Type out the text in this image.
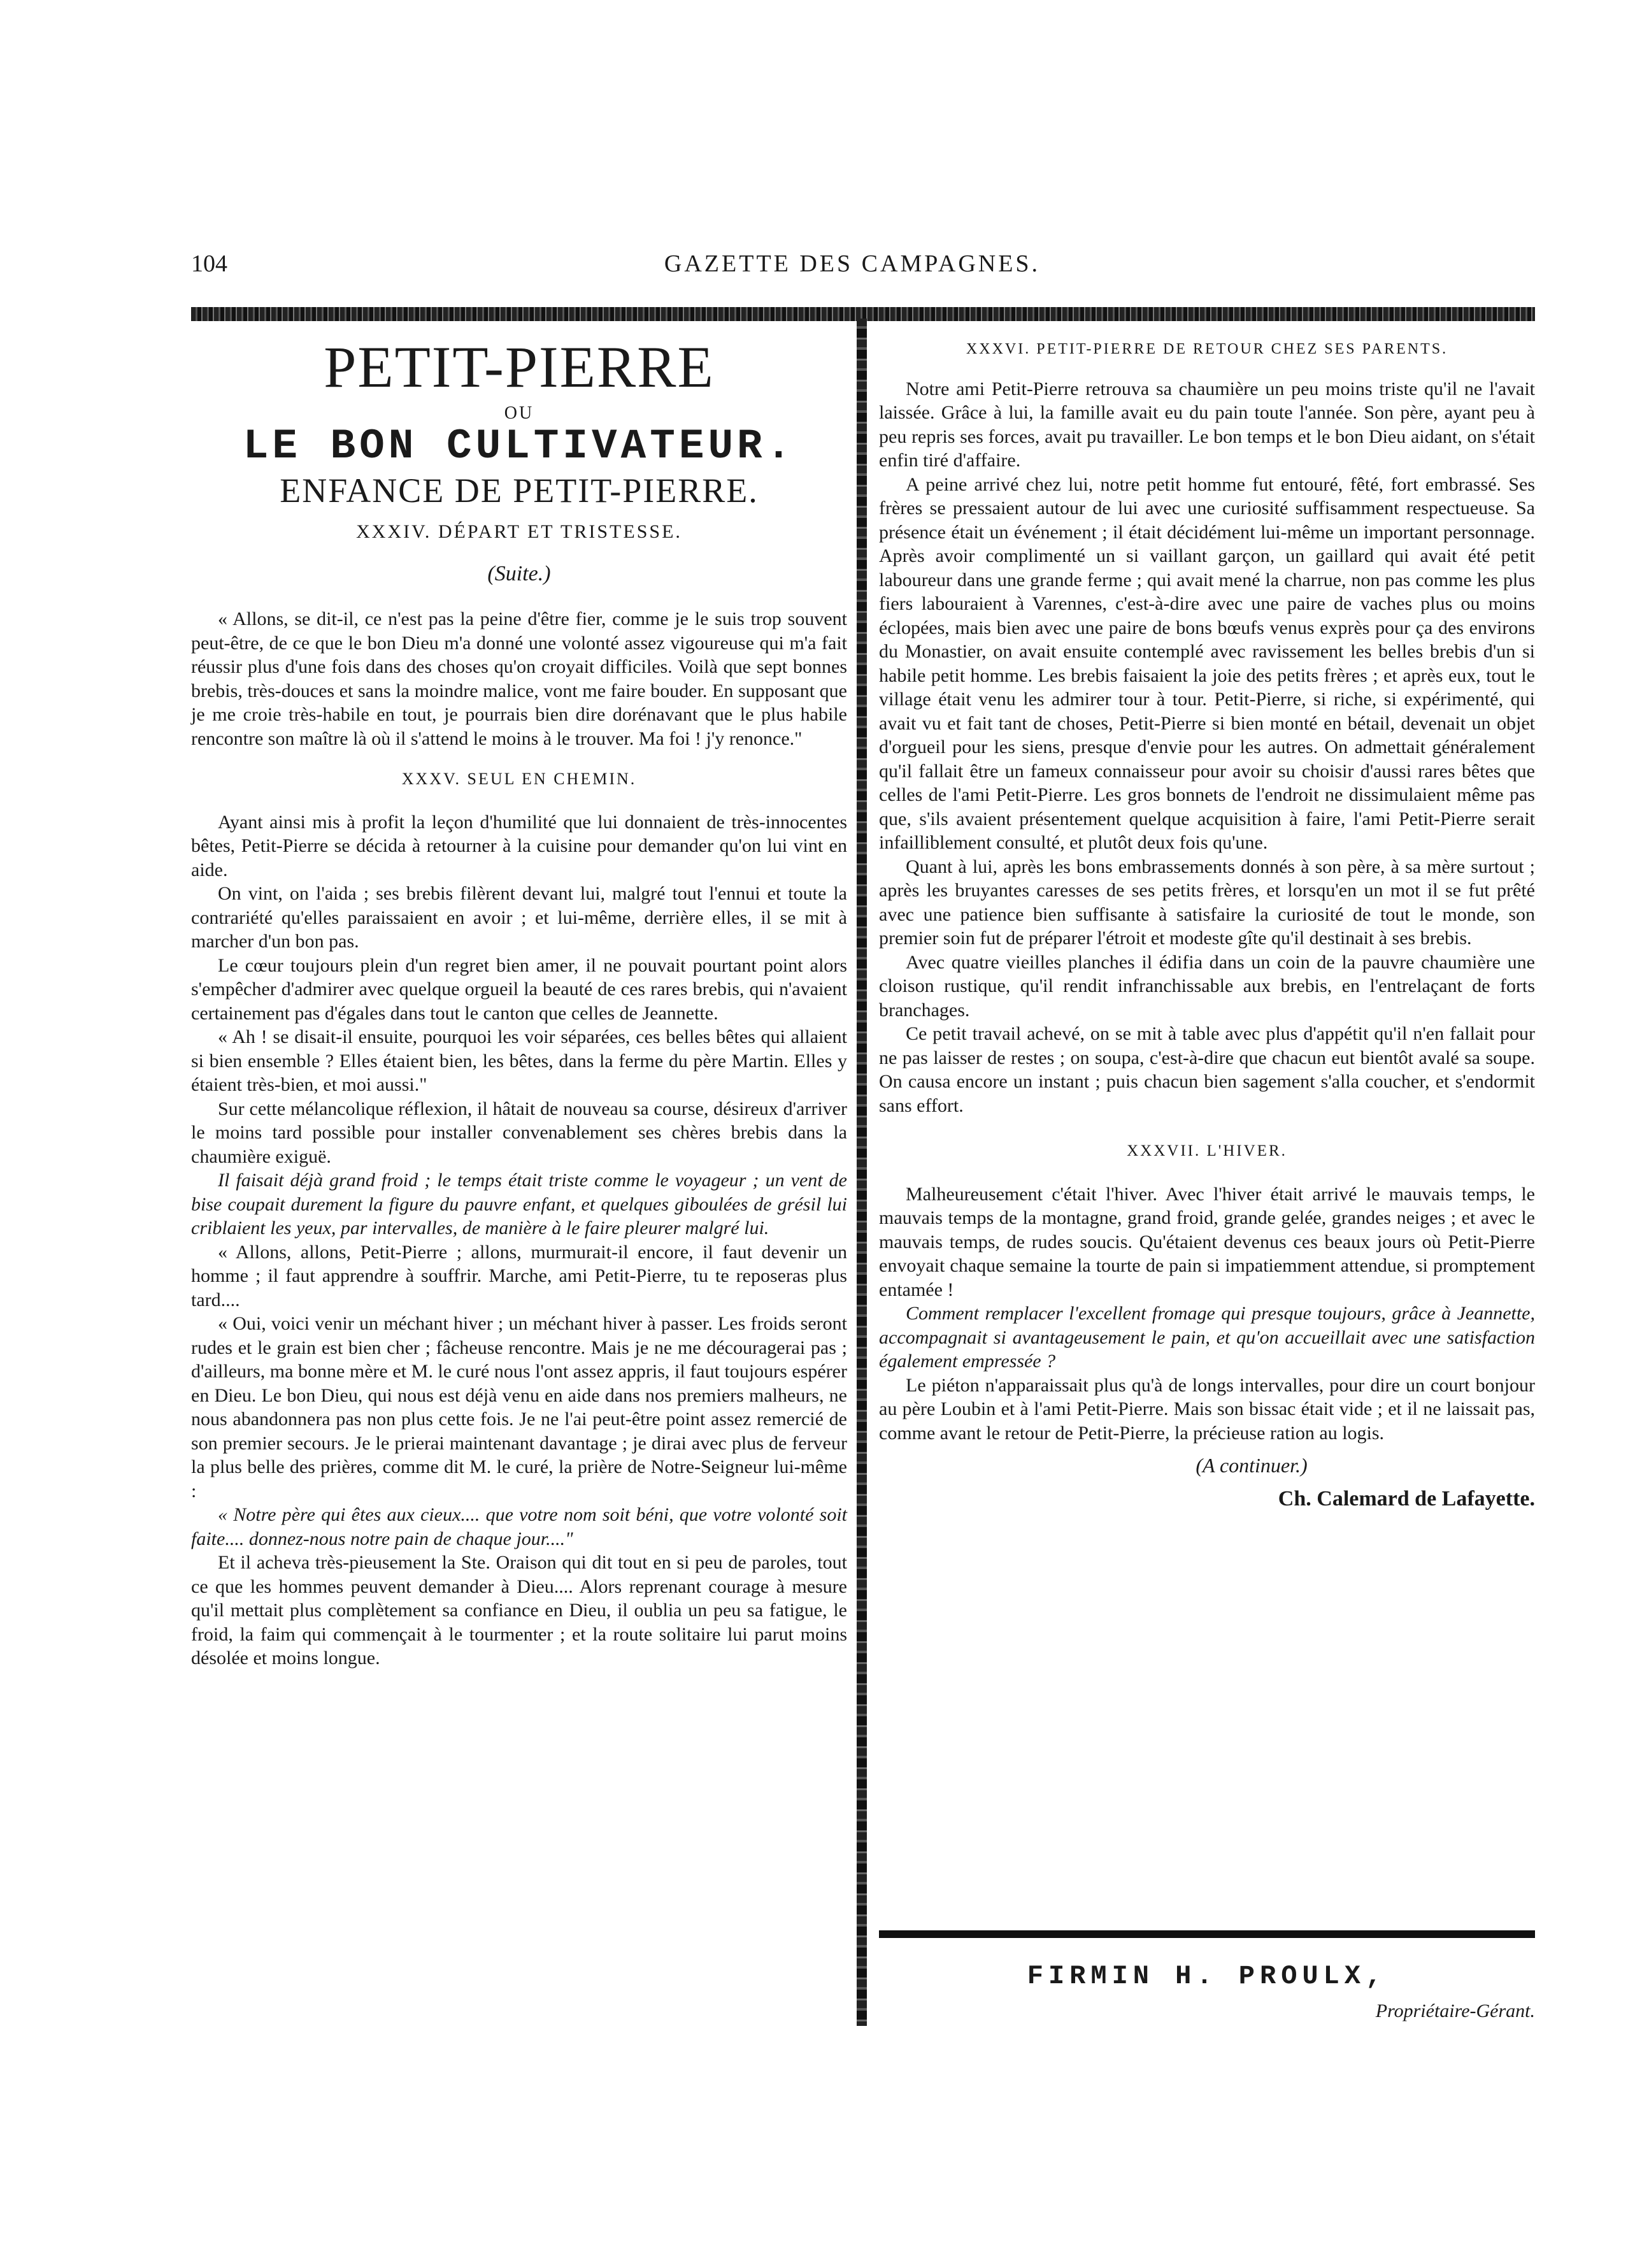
104	GAZETTE DES CAMPAGNES.
PETIT-PIERRE
OU
LE BON CULTIVATEUR.
ENFANCE DE PETIT-PIERRE.
XXXIV. DÉPART ET TRISTESSE.
(Suite.)

« Allons, se dit-il, ce n'est pas la peine d'être fier, comme je le suis trop souvent peut-être, de ce que le bon Dieu m'a donné une volonté assez vigoureuse qui m'a fait réussir plus d'une fois dans des choses qu'on croyait difficiles. Voilà que sept bonnes brebis, très-douces et sans la moindre malice, vont me faire bouder. En supposant que je me croie très-habile en tout, je pourrais bien dire dorénavant que le plus habile rencontre son maître là où il s'attend le moins à le trouver. Ma foi ! j'y renonce."

XXXV. SEUL EN CHEMIN.

Ayant ainsi mis à profit la leçon d'humilité que lui donnaient de très-innocentes bêtes, Petit-Pierre se décida à retourner à la cuisine pour demander qu'on lui vint en aide.

On vint, on l'aida ; ses brebis filèrent devant lui, malgré tout l'ennui et toute la contrariété qu'elles paraissaient en avoir ; et lui-même, derrière elles, il se mit à marcher d'un bon pas.

Le cœur toujours plein d'un regret bien amer, il ne pouvait pourtant point alors s'empêcher d'admirer avec quelque orgueil la beauté de ces rares brebis, qui n'avaient certainement pas d'égales dans tout le canton que celles de Jeannette.

« Ah ! se disait-il ensuite, pourquoi les voir séparées, ces belles bêtes qui allaient si bien ensemble ? Elles étaient bien, les bêtes, dans la ferme du père Martin. Elles y étaient très-bien, et moi aussi."

Sur cette mélancolique réflexion, il hâtait de nouveau sa course, désireux d'arriver le moins tard possible pour installer convenablement ses chères brebis dans la chaumière exiguë.

Il faisait déjà grand froid ; le temps était triste comme le voyageur ; un vent de bise coupait durement la figure du pauvre enfant, et quelques giboulées de grésil lui criblaient les yeux, par intervalles, de manière à le faire pleurer malgré lui.

« Allons, allons, Petit-Pierre ; allons, murmurait-il encore, il faut devenir un homme ; il faut apprendre à souffrir. Marche, ami Petit-Pierre, tu te reposeras plus tard....

« Oui, voici venir un méchant hiver ; un méchant hiver à passer. Les froids seront rudes et le grain est bien cher ; fâcheuse rencontre. Mais je ne me découragerai pas ; d'ailleurs, ma bonne mère et M. le curé nous l'ont assez appris, il faut toujours espérer en Dieu. Le bon Dieu, qui nous est déjà venu en aide dans nos premiers malheurs, ne nous abandonnera pas non plus cette fois. Je ne l'ai peut-être point assez remercié de son premier secours. Je le prierai maintenant davantage ; je dirai avec plus de ferveur la plus belle des prières, comme dit M. le curé, la prière de Notre-Seigneur lui-même :

« Notre père qui êtes aux cieux.... que votre nom soit béni, que votre volonté soit faite.... donnez-nous notre pain de chaque jour...."

Et il acheva très-pieusement la Ste. Oraison qui dit tout en si peu de paroles, tout ce que les hommes peuvent demander à Dieu.... Alors reprenant courage à mesure qu'il mettait plus complètement sa confiance en Dieu, il oublia un peu sa fatigue, le froid, la faim qui commençait à le tourmenter ; et la route solitaire lui parut moins désolée et moins longue.

XXXVI. PETIT-PIERRE DE RETOUR CHEZ SES PARENTS.

Notre ami Petit-Pierre retrouva sa chaumière un peu moins triste qu'il ne l'avait laissée. Grâce à lui, la famille avait eu du pain toute l'année. Son père, ayant peu à peu repris ses forces, avait pu travailler. Le bon temps et le bon Dieu aidant, on s'était enfin tiré d'affaire.

A peine arrivé chez lui, notre petit homme fut entouré, fêté, fort embrassé. Ses frères se pressaient autour de lui avec une curiosité suffisamment respectueuse. Sa présence était un événement ; il était décidément lui-même un important personnage. Après avoir complimenté un si vaillant garçon, un gaillard qui avait été petit laboureur dans une grande ferme ; qui avait mené la charrue, non pas comme les plus fiers labouraient à Varennes, c'est-à-dire avec une paire de vaches plus ou moins éclopées, mais bien avec une paire de bons bœufs venus exprès pour ça des environs du Monastier, on avait ensuite contemplé avec ravissement les belles brebis d'un si habile petit homme. Les brebis faisaient la joie des petits frères ; et après eux, tout le village était venu les admirer tour à tour. Petit-Pierre, si riche, si expérimenté, qui avait vu et fait tant de choses, Petit-Pierre si bien monté en bétail, devenait un objet d'orgueil pour les siens, presque d'envie pour les autres. On admettait généralement qu'il fallait être un fameux connaisseur pour avoir su choisir d'aussi rares bêtes que celles de l'ami Petit-Pierre. Les gros bonnets de l'endroit ne dissimulaient même pas que, s'ils avaient présentement quelque acquisition à faire, l'ami Petit-Pierre serait infailliblement consulté, et plutôt deux fois qu'une.

Quant à lui, après les bons embrassements donnés à son père, à sa mère surtout ; après les bruyantes caresses de ses petits frères, et lorsqu'en un mot il se fut prêté avec une patience bien suffisante à satisfaire la curiosité de tout le monde, son premier soin fut de préparer l'étroit et modeste gîte qu'il destinait à ses brebis.

Avec quatre vieilles planches il édifia dans un coin de la pauvre chaumière une cloison rustique, qu'il rendit infranchissable aux brebis, en l'entrelaçant de forts branchages.

Ce petit travail achevé, on se mit à table avec plus d'appétit qu'il n'en fallait pour ne pas laisser de restes ; on soupa, c'est-à-dire que chacun eut bientôt avalé sa soupe. On causa encore un instant ; puis chacun bien sagement s'alla coucher, et s'endormit sans effort.

XXXVII. L'HIVER.

Malheureusement c'était l'hiver. Avec l'hiver était arrivé le mauvais temps, le mauvais temps de la montagne, grand froid, grande gelée, grandes neiges ; et avec le mauvais temps, de rudes soucis. Qu'étaient devenus ces beaux jours où Petit-Pierre envoyait chaque semaine la tourte de pain si impatiemment attendue, si promptement entamée !

Comment remplacer l'excellent fromage qui presque toujours, grâce à Jeannette, accompagnait si avantageusement le pain, et qu'on accueillait avec une satisfaction également empressée ?

Le piéton n'apparaissait plus qu'à de longs intervalles, pour dire un court bonjour au père Loubin et à l'ami Petit-Pierre. Mais son bissac était vide ; et il ne laissait pas, comme avant le retour de Petit-Pierre, la précieuse ration au logis.

(A continuer.)
Ch. Calemard de Lafayette.
FIRMIN H. PROULX,
Propriétaire-Gérant.
